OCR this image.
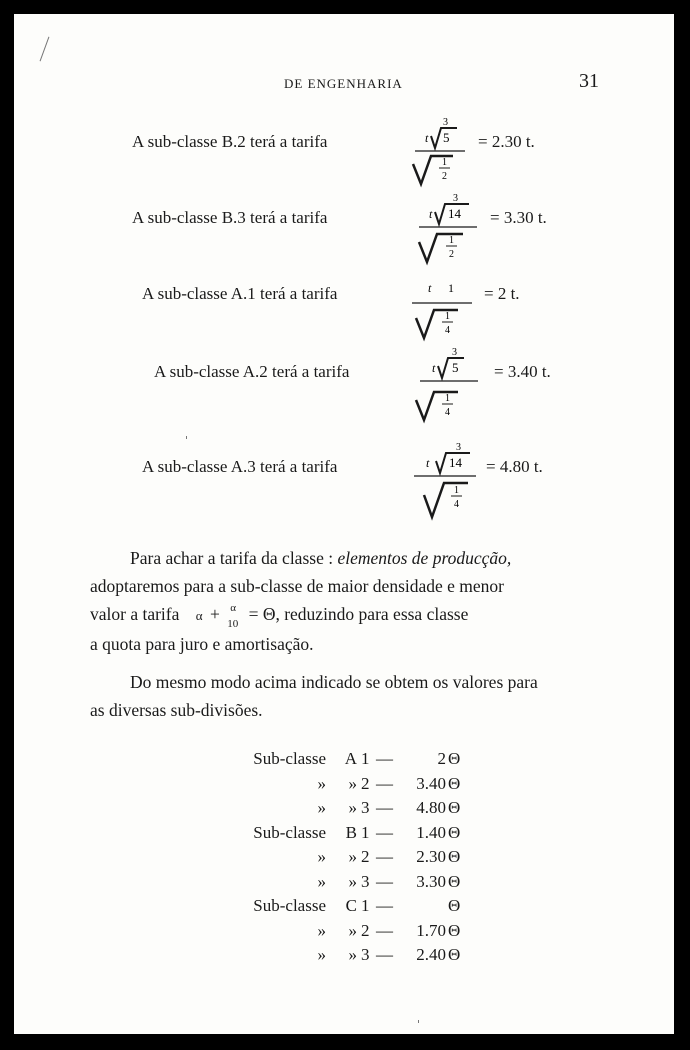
DE ENGENHARIA	31
A sub-classe B.2 terá a tarifa
3
t 5
1
2
= 2.30 t.
A sub-classe B.3 terá a tarifa
3
t 14
1
2
= 3.30 t.
A sub-classe A.1 terá a tarifa	t 1
1
4
= 2 t.
A sub-classe A.2 terá a tarifa
3
t 5
1
4
= 3.40 t.
A sub-classe A.3 terá a tarifa
3
t 14
1
4
= 4.80 t.
Para achar a tarifa da classe : elementos de producção,
adoptaremos para a sub-classe de maior densidade e menor
valor a tarifa α + α
10 = Θ, reduzindo para essa classe
a quota para juro e amortisação.
Do mesmo modo acima indicado se obtem os valores para
as diversas sub-divisões.
Sub-classe	A 1 —	2 Θ
»	» 2 —	3.40 Θ
»	» 3 —	4.80 Θ
Sub-classe	B 1 —	1.40 Θ
»	» 2 —	2.30 Θ
»	» 3 —	3.30 Θ
Sub-classe	C 1 —	Θ
»	» 2 —	1.70 Θ
»	» 3 —	2.40 Θ
